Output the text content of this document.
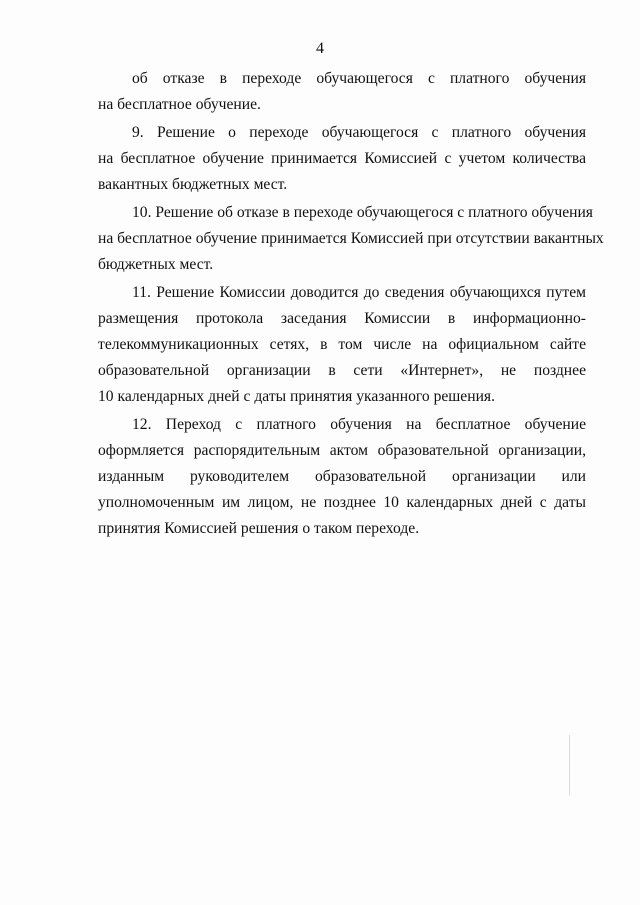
4

об отказе в переходе обучающегося с платного обучения
на бесплатное обучение.

9. Решение о переходе обучающегося с платного обучения
на бесплатное обучение принимается Комиссией с учетом количества
вакантных бюджетных мест.

10. Решение об отказе в переходе обучающегося с платного обучения
на бесплатное обучение принимается Комиссией при отсутствии вакантных
бюджетных мест.

11. Решение Комиссии доводится до сведения обучающихся путем
размещения протокола заседания Комиссии в информационно-
телекоммуникационных сетях, в том числе на официальном сайте
образовательной организации в сети «Интернет», не позднее
10 календарных дней с даты принятия указанного решения.

12. Переход с платного обучения на бесплатное обучение
оформляется распорядительным актом образовательной организации,
изданным руководителем образовательной организации или
уполномоченным им лицом, не позднее 10 календарных дней с даты
принятия Комиссией решения о таком переходе.
